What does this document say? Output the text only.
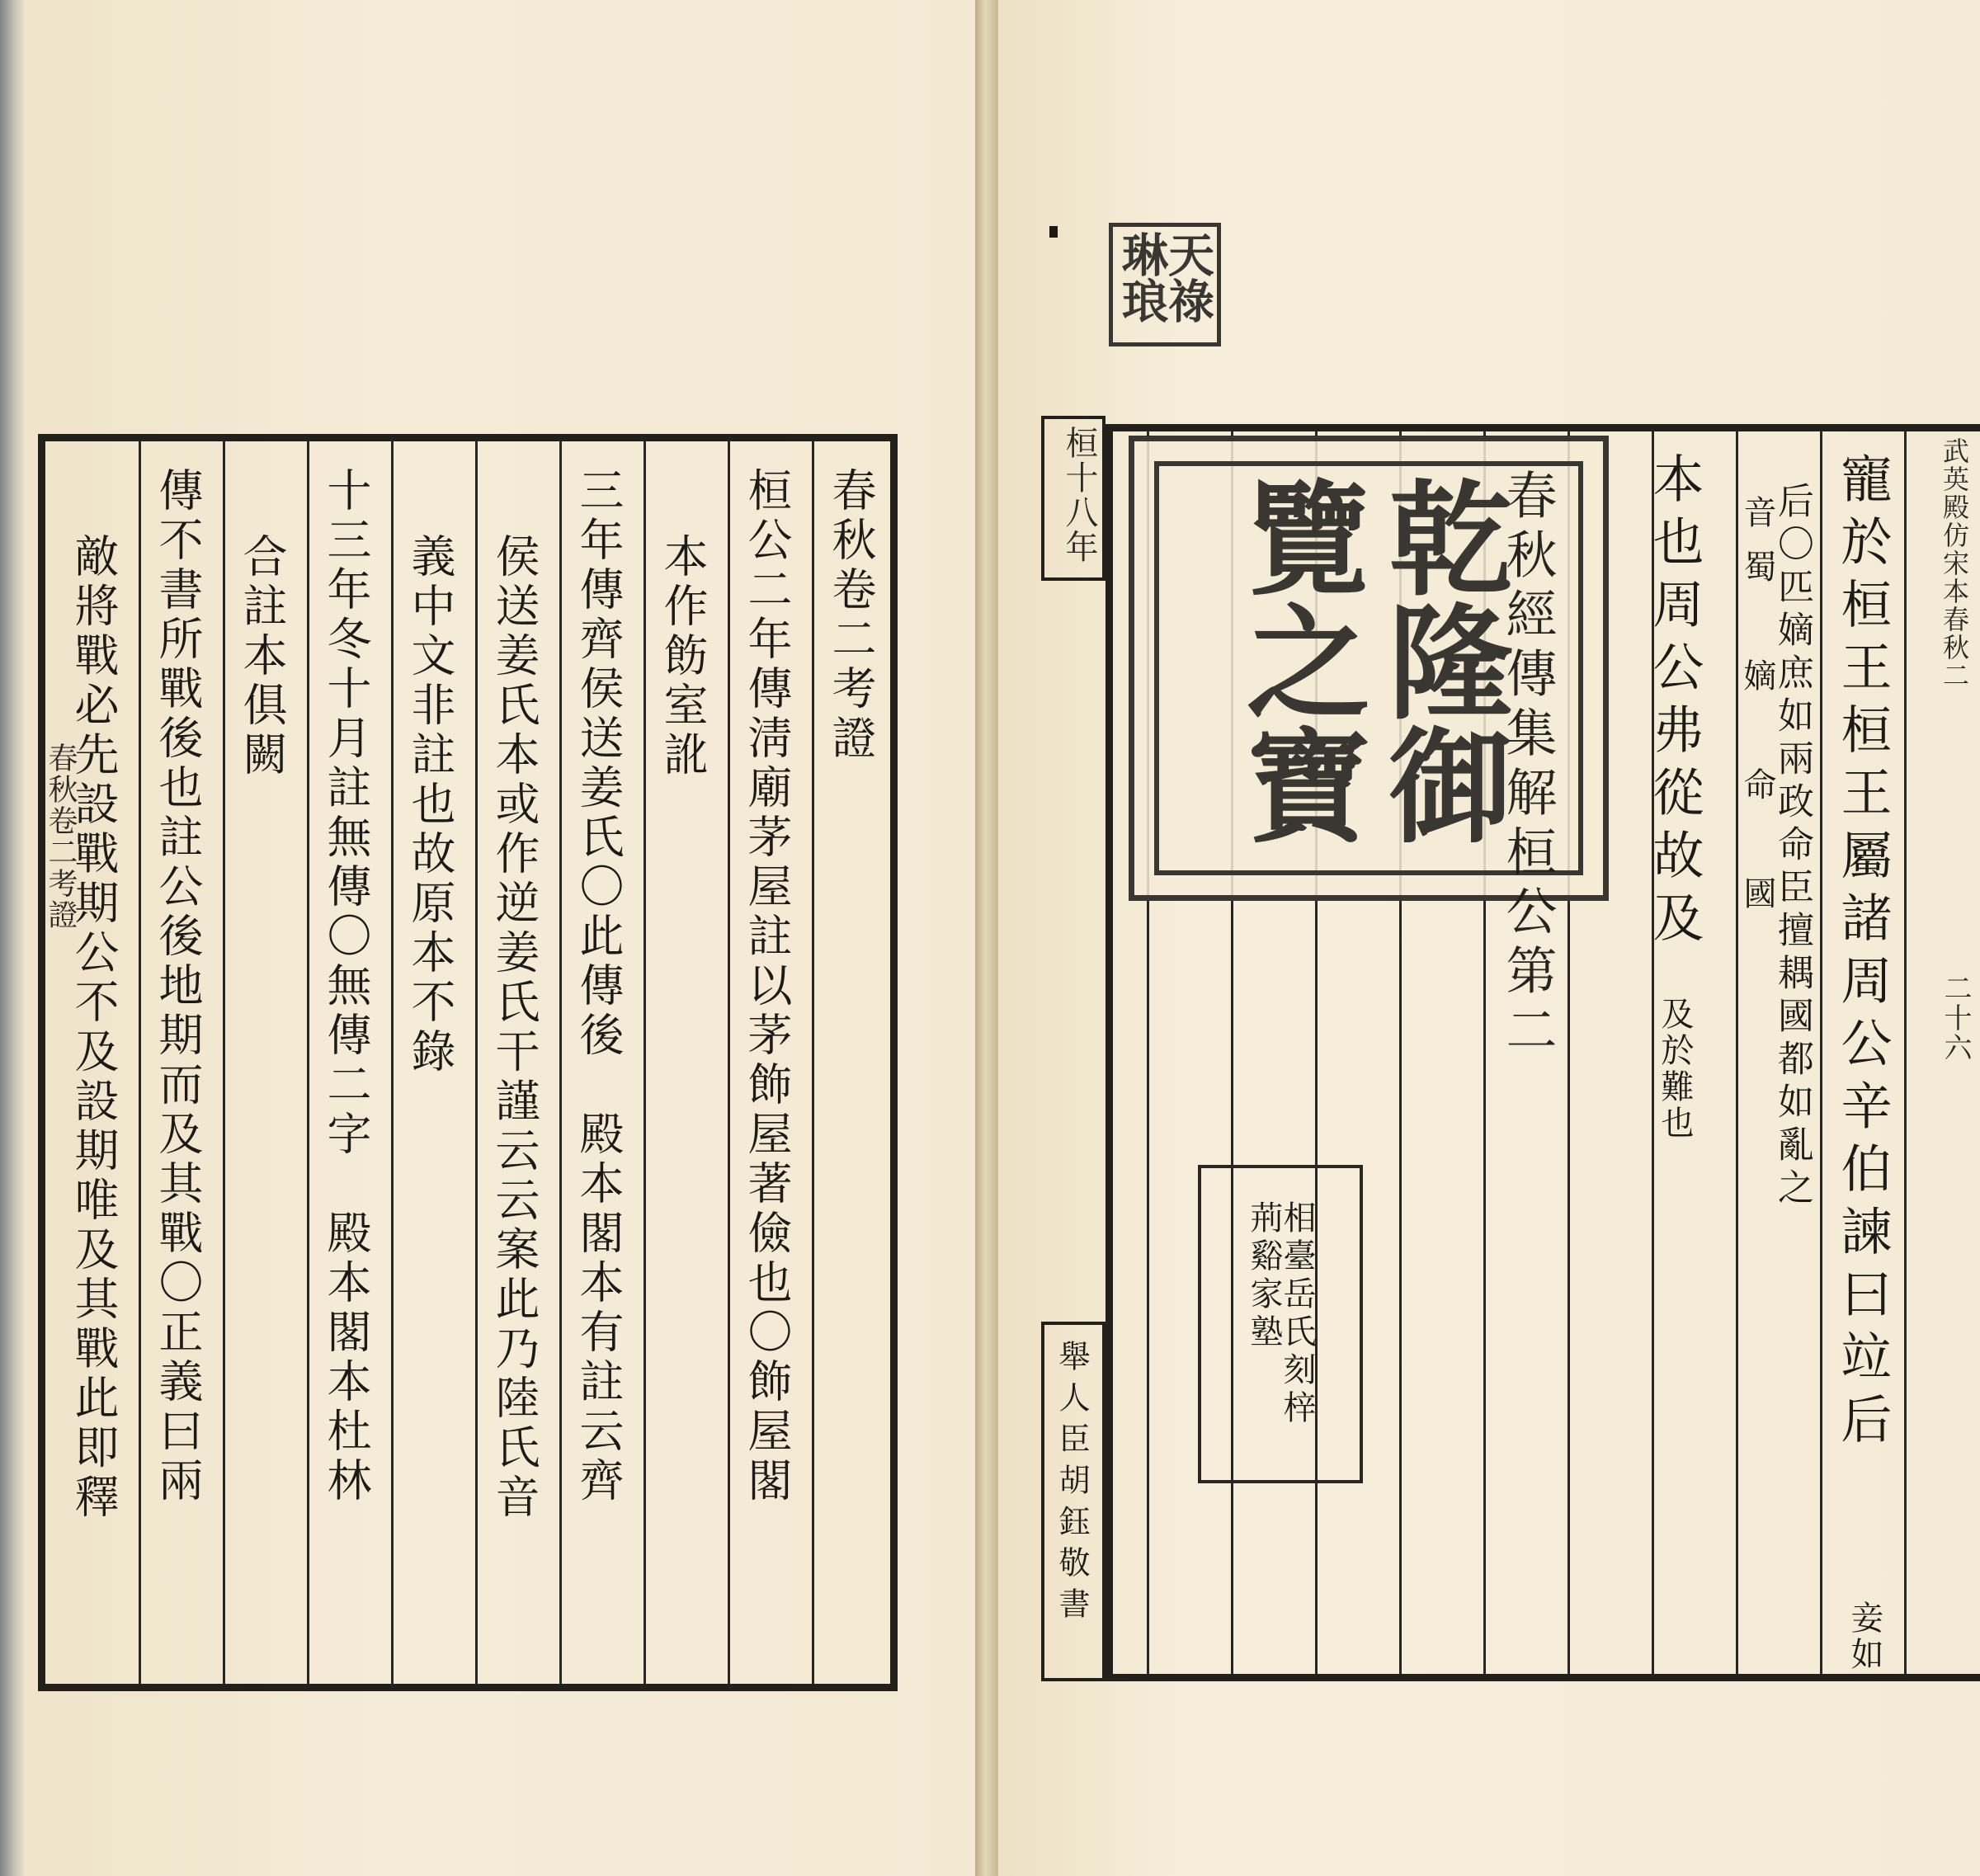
春秋卷二考證
桓公二年傳淸廟茅屋註以茅飾屋著儉也〇飾屋閣
本作飭室訛
三年傳齊侯送姜氏〇此傳後　殿本閣本有註云齊
侯送姜氏本或作逆姜氏干謹云云案此乃陸氏音
義中文非註也故原本不錄
十三年冬十月註無傳〇無傳二字　殿本閣本杜林
合註本俱闕
傳不書所戰後也註公後地期而及其戰〇正義曰兩
敵將戰必先設戰期公不及設期唯及其戰此即釋
春秋卷二考證
天祿琳琅
桓十八年
舉人臣胡鈺敬書
乾隆御覽之寶	春秋經傳集解桓公第二
相臺岳氏刻梓荊谿家塾	寵於桓王桓王屬諸周公辛伯諫曰竝后
妾如
后〇匹嫡庶如兩政命臣擅耦國都如亂之
音蜀　嫡　命　國
本也周公弗從故及
及於難也
武英殿仿宋本春秋二
二十六
